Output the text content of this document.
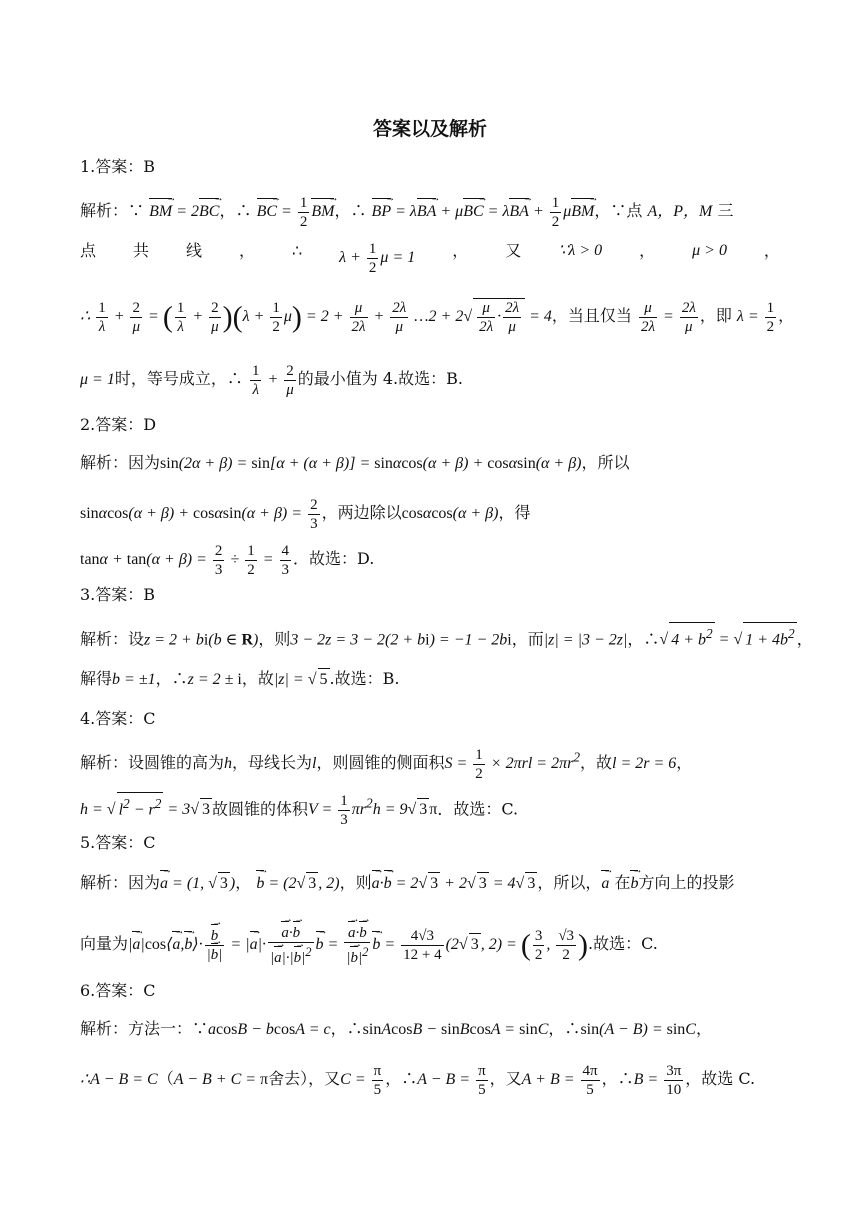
答案以及解析
1.答案：B
解析：∵ BM → = 2BC →，∴ BC → = $\frac{1}{2}$ BM →，∴ BP → = λBA → + μBC → = λBA → + $\frac{1}{2}$ μBM →，∵点 A，P，M 三
点 共 线 ， ∴ $\lambda + \frac{1}{2}$ μ = 1 ， 又 ∵λ > 0 ， μ > 0 ，
∴ $\frac{1}{\lambda} + \frac{2}{\mu}$ = ( $\frac{1}{\lambda} + \frac{2}{\mu} )(\lambda + \frac{1}{2} \mu) = 2 + \frac{\mu}{2\lambda} + \frac{2\lambda}{\mu}$ …2 + $2√ \frac{\mu}{2\lambda} \cdot \frac{2\lambda}{\mu} = 4$，当且仅当 $\frac{\mu}{2\lambda} = \frac{2\lambda}{\mu}$ ，即 $\lambda = \frac{1}{2}$ ，
μ = 1时，等号成立，∴ $\frac{1}{\lambda} + \frac{2}{\mu}$ 的最小值为 4.故选：B.
2.答案：D
解析：因为sin(2α + β) = sin[α + (α + β)] = sinαcos(α + β) + cosαsin(α + β)，所以
$\sin\alpha\cos(\alpha + \beta) + \cos\alpha\sin(\alpha + \beta) = \frac{2}{3}$ ，两边除以cosαcos(α + β)，得
$\tan\alpha + \tan(\alpha + \beta) = \frac{2}{3} \div \frac{1}{2} = \frac{4}{3}$ ．故选：D.
3.答案：B
解析：设z = 2 + bi(b ∈ R)，则3 − 2z = 3 − 2(2 + bi) = −1 − 2bi，而|z| = |3 − 2z|，∴√ $4 + b^2$ = √ $1 + 4b^2$ ，
解得b = ±1，∴z = 2 ± i，故|z| = √ 5 .故选：B.
4.答案：C
解析：设圆锥的高为h，母线长为l，则圆锥的侧面积$S = \frac{1}{2} \times 2\pi rl = 2\pi r^2$，故l = 2r = 6，
h = √ $l^2 - r^2 = 3√$ 3 故圆锥的体积$V = \frac{1}{3} \pi r^2h = 9√$ 3 π．故选：C.
5.答案：C
解析：因为a → = (1, √ 3 )， b → = (2√ 3 , 2)，则a →·b → = 2√ 3 + 2√ 3 = 4√ 3 ，所以，a → 在b →方向上的投影
向量为|a →|cos⟨a →,b →⟩· $\frac{b \to}{|b \to|} = |a$ →|· $\frac{a \to\cdot b \to}{|a \to|\cdot|b \to|^2}$ b → = $\frac{a \to\cdot b \to}{|b \to|^2}$ b → = $\frac{4√3}{12 + 4} (2√$ 3 , 2) = ( $\frac{3}{2}$ , $\frac{√3}{2}$ ).故选：C.
6.答案：C
解析：方法一：∵acosB − bcosA = c，∴sinAcosB − sinBcosA = sinC，∴sin(A − B) = sinC，
∴A − B = C（A − B + C = π舍去），又$C = \frac{\pi}{5}$ ，∴A − $B = \frac{\pi}{5}$ ，又$A + B = \frac{4\pi}{5}$ ，∴B = $\frac{3\pi}{10}$ ，故选 C.
